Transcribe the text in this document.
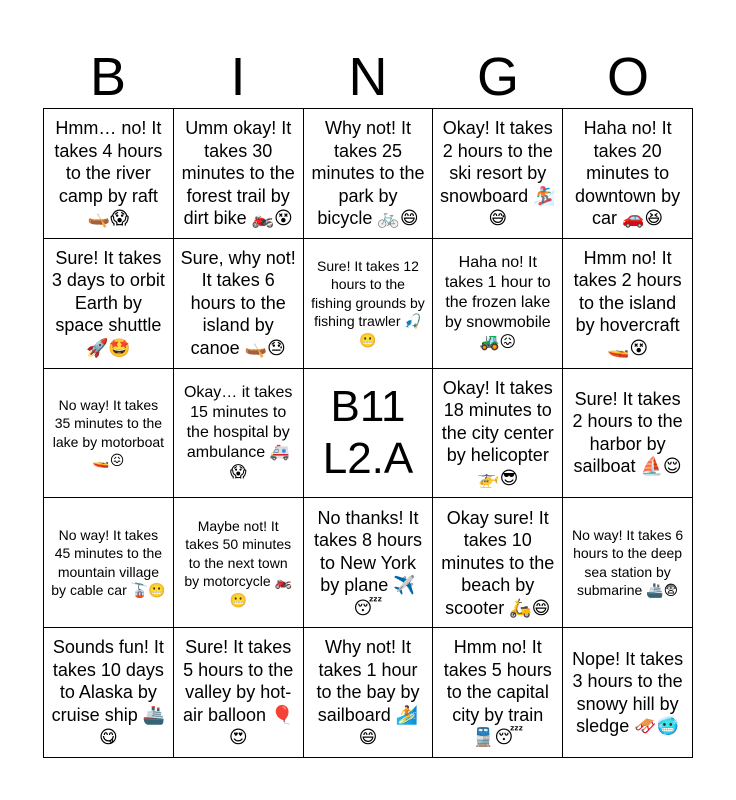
B	I	N	G	O
Hmm… no! It takes 4 hours to the river camp by raft 🛶😱
Umm okay! It takes 30 minutes to the forest trail by dirt bike 🏍️😵
Why not! It takes 25 minutes to the park by bicycle 🚲😄
Okay! It takes 2 hours to the ski resort by snowboard 🏂😅
Haha no! It takes 20 minutes to downtown by car 🚗😆
Sure! It takes 3 days to orbit Earth by space shuttle 🚀🤩
Sure, why not! It takes 6 hours to the island by canoe 🛶😓
Sure! It takes 12 hours to the fishing grounds by fishing trawler 🎣😬
Haha no! It takes 1 hour to the frozen lake by snowmobile 🚜😖
Hmm no! It takes 2 hours to the island by hovercraft 🚤😵
No way! It takes 35 minutes to the lake by motorboat 🚤😖
Okay… it takes 15 minutes to the hospital by ambulance 🚑😱
B11
L2.A
Okay! It takes 18 minutes to the city center by helicopter 🚁😎
Sure! It takes 2 hours to the harbor by sailboat ⛵😌
No way! It takes 45 minutes to the mountain village by cable car 🚡😬
Maybe not! It takes 50 minutes to the next town by motorcycle 🏍️😬
No thanks! It takes 8 hours to New York by plane ✈️😴
Okay sure! It takes 10 minutes to the beach by scooter 🛵😄
No way! It takes 6 hours to the deep sea station by submarine 🚢😨
Sounds fun! It takes 10 days to Alaska by cruise ship 🚢😋
Sure! It takes 5 hours to the valley by hot-air balloon 🎈😍
Why not! It takes 1 hour to the bay by sailboard 🏄😄
Hmm no! It takes 5 hours to the capital city by train 🚆😴
Nope! It takes 3 hours to the snowy hill by sledge 🛷🥶
